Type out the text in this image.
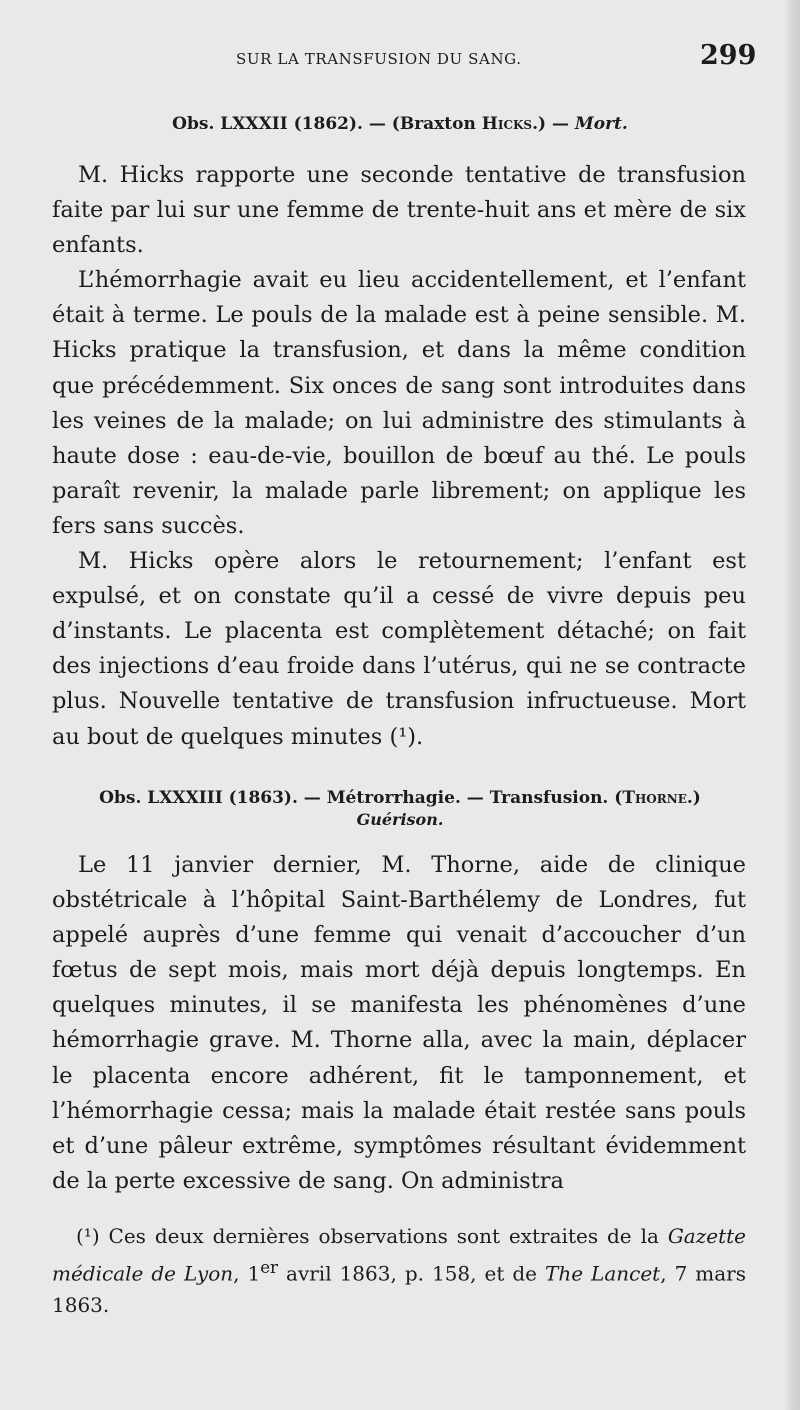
SUR LA TRANSFUSION DU SANG.	299
Obs. LXXXII (1862). — (Braxton Hicks.) — Mort.

M. Hicks rapporte une seconde tentative de transfusion faite par lui sur une femme de trente-huit ans et mère de six enfants.

L’hémorrhagie avait eu lieu accidentellement, et l’enfant était à terme. Le pouls de la malade est à peine sensible. M. Hicks pratique la transfusion, et dans la même condition que précédemment. Six onces de sang sont introduites dans les veines de la malade; on lui administre des stimulants à haute dose : eau-de-vie, bouillon de bœuf au thé. Le pouls paraît revenir, la malade parle librement; on applique les fers sans succès.

M. Hicks opère alors le retournement; l’enfant est expulsé, et on constate qu’il a cessé de vivre depuis peu d’instants. Le placenta est complètement détaché; on fait des injections d’eau froide dans l’utérus, qui ne se contracte plus. Nouvelle tentative de transfusion infructueuse. Mort au bout de quelques minutes (¹).

Obs. LXXXIII (1863). — Métrorrhagie. — Transfusion. (Thorne.)
Guérison.

Le 11 janvier dernier, M. Thorne, aide de clinique obstétricale à l’hôpital Saint-Barthélemy de Londres, fut appelé auprès d’une femme qui venait d’accoucher d’un fœtus de sept mois, mais mort déjà depuis longtemps. En quelques minutes, il se manifesta les phénomènes d’une hémorrhagie grave. M. Thorne alla, avec la main, déplacer le placenta encore adhérent, fit le tamponnement, et l’hémorrhagie cessa; mais la malade était restée sans pouls et d’une pâleur extrême, symptômes résultant évidemment de la perte excessive de sang. On administra

(¹) Ces deux dernières observations sont extraites de la Gazette médicale de Lyon, 1er avril 1863, p. 158, et de The Lancet, 7 mars 1863.
